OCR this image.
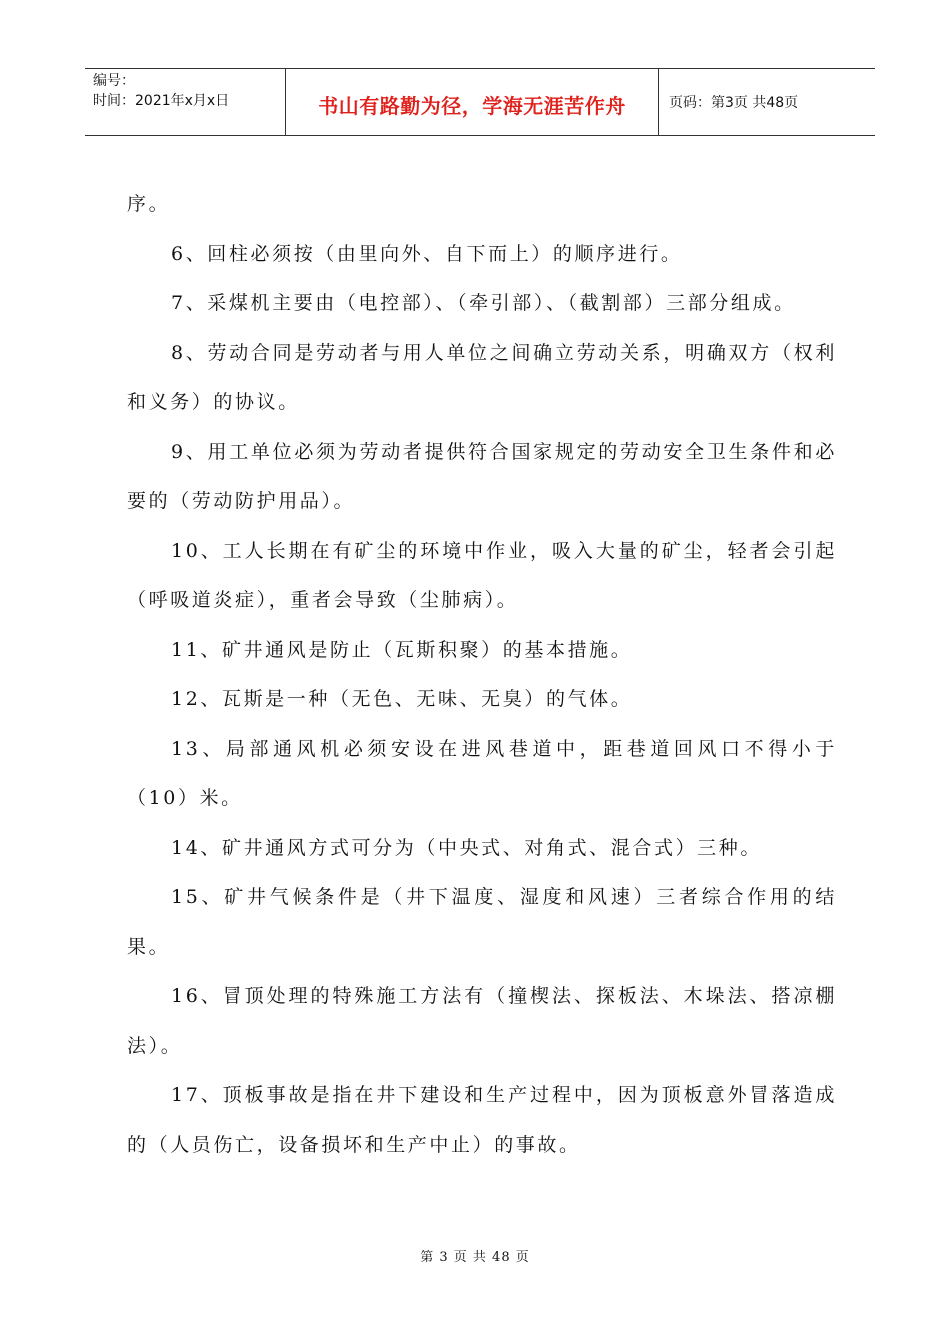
编号：
时间：2021年x月x日	书山有路勤为径，学海无涯苦作舟	页码：第3页 共48页

序。

6、回柱必须按（由里向外、自下而上）的顺序进行。

7、采煤机主要由（电控部）、（牵引部）、（截割部）三部分组成。

8、劳动合同是劳动者与用人单位之间确立劳动关系，明确双方（权利和义务）的协议。

9、用工单位必须为劳动者提供符合国家规定的劳动安全卫生条件和必要的（劳动防护用品）。

10、工人长期在有矿尘的环境中作业，吸入大量的矿尘，轻者会引起（呼吸道炎症），重者会导致（尘肺病）。

11、矿井通风是防止（瓦斯积聚）的基本措施。

12、瓦斯是一种（无色、无味、无臭）的气体。

13、局部通风机必须安设在进风巷道中，距巷道回风口不得小于（10）米。

14、矿井通风方式可分为（中央式、对角式、混合式）三种。

15、矿井气候条件是（井下温度、湿度和风速）三者综合作用的结果。

16、冒顶处理的特殊施工方法有（撞楔法、探板法、木垛法、搭凉棚法）。

17、顶板事故是指在井下建设和生产过程中，因为顶板意外冒落造成的（人员伤亡，设备损坏和生产中止）的事故。

第 3 页 共 48 页
